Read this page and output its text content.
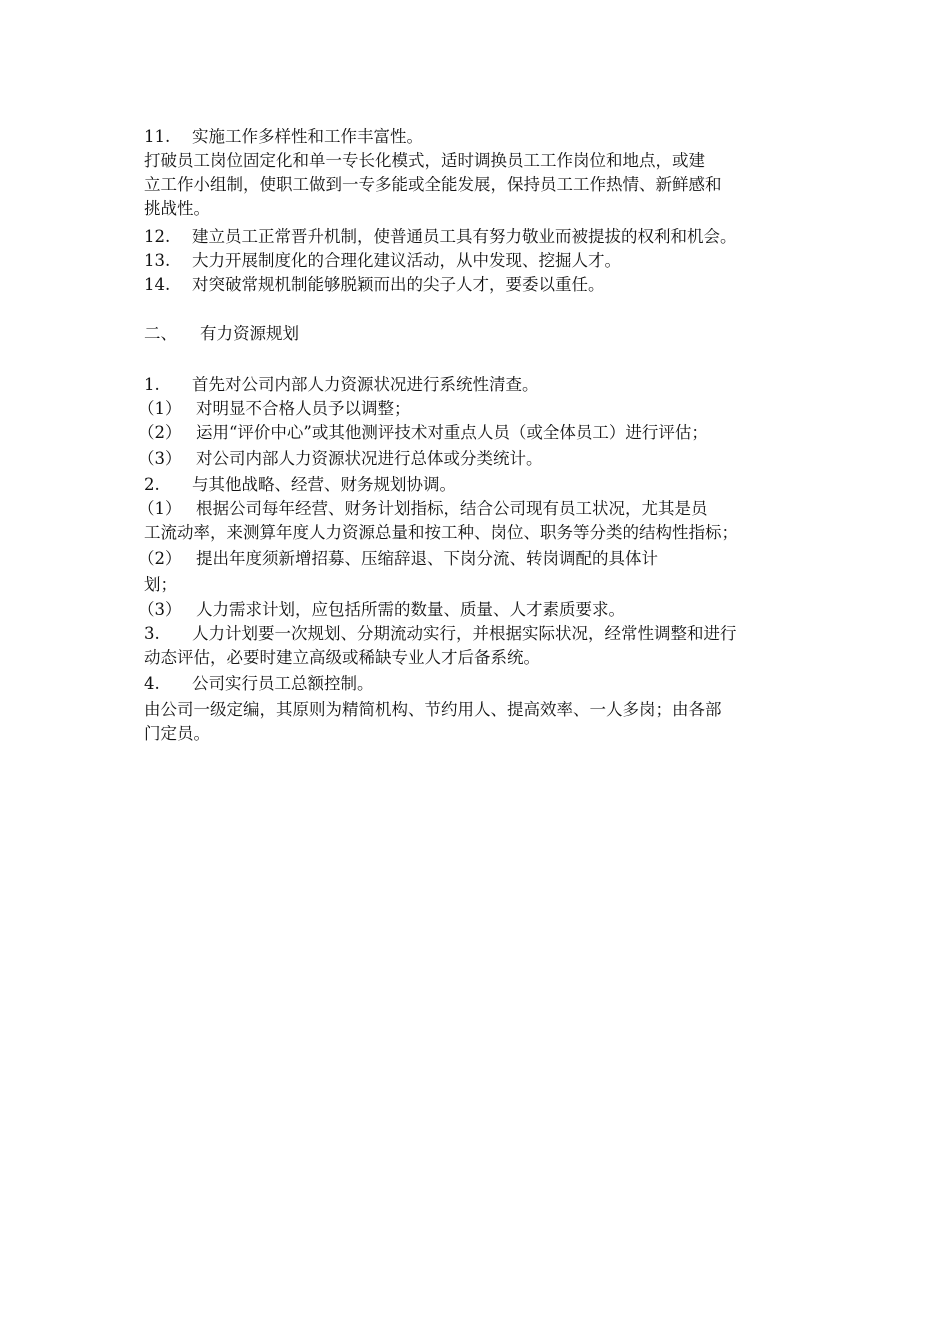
11. 实施工作多样性和工作丰富性。
打破员工岗位固定化和单一专长化模式，适时调换员工工作岗位和地点，或建
立工作小组制，使职工做到一专多能或全能发展，保持员工工作热情、新鲜感和
挑战性。
12. 建立员工正常晋升机制，使普通员工具有努力敬业而被提拔的权利和机会。
13. 大力开展制度化的合理化建议活动，从中发现、挖掘人才。
14. 对突破常规机制能够脱颖而出的尖子人才，要委以重任。
二、 有力资源规划
1. 首先对公司内部人力资源状况进行系统性清查。
（1） 对明显不合格人员予以调整；
（2） 运用“评价中心”或其他测评技术对重点人员（或全体员工）进行评估；
（3） 对公司内部人力资源状况进行总体或分类统计。
2. 与其他战略、经营、财务规划协调。
（1） 根据公司每年经营、财务计划指标，结合公司现有员工状况，尤其是员
工流动率，来测算年度人力资源总量和按工种、岗位、职务等分类的结构性指标；
（2） 提出年度须新增招募、压缩辞退、下岗分流、转岗调配的具体计
划；
（3） 人力需求计划，应包括所需的数量、质量、人才素质要求。
3. 人力计划要一次规划、分期流动实行，并根据实际状况，经常性调整和进行
动态评估，必要时建立高级或稀缺专业人才后备系统。
4. 公司实行员工总额控制。
由公司一级定编，其原则为精简机构、节约用人、提高效率、一人多岗；由各部
门定员。
